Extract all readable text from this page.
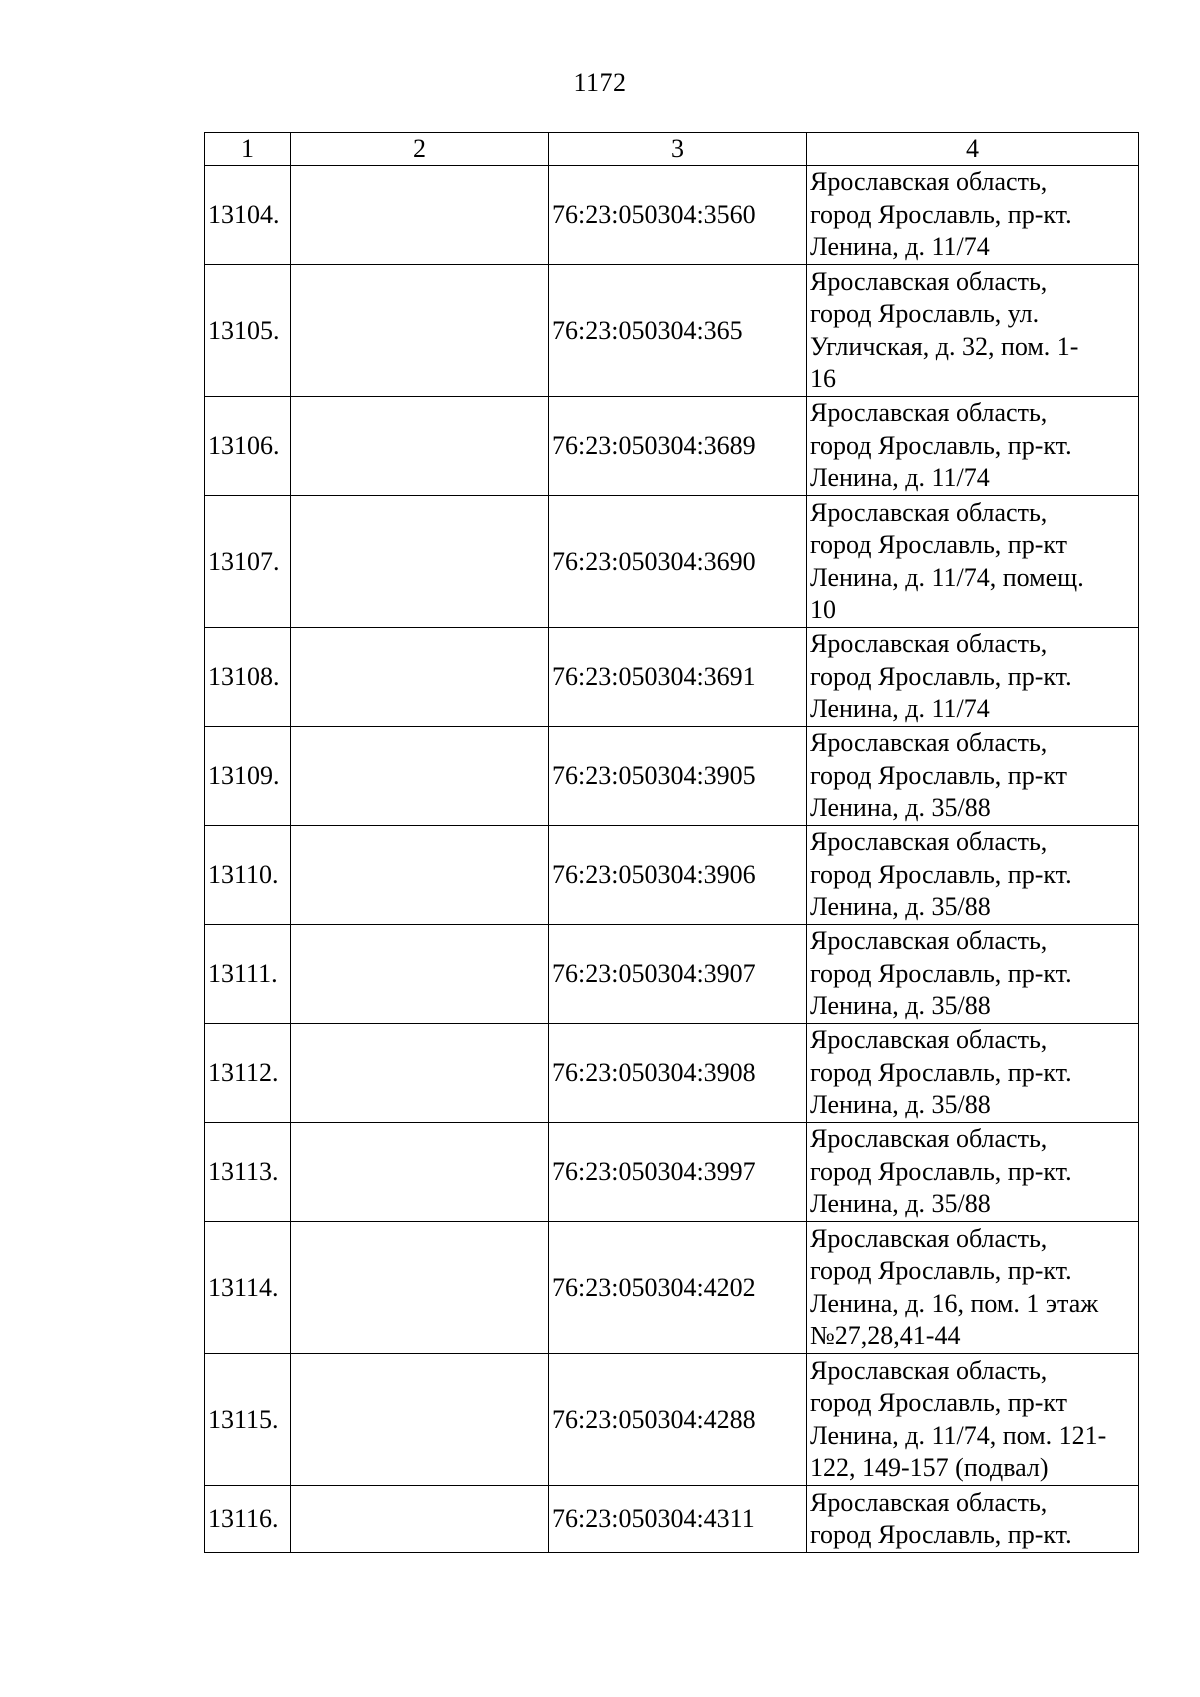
1172
1	2	3	4
13104.		76:23:050304:3560	Ярославская область,
город Ярославль, пр-кт.
Ленина, д. 11/74
13105.		76:23:050304:365	Ярославская область,
город Ярославль, ул.
Угличская, д. 32, пом. 1-
16
13106.		76:23:050304:3689	Ярославская область,
город Ярославль, пр-кт.
Ленина, д. 11/74
13107.		76:23:050304:3690	Ярославская область,
город Ярославль, пр-кт
Ленина, д. 11/74, помещ.
10
13108.		76:23:050304:3691	Ярославская область,
город Ярославль, пр-кт.
Ленина, д. 11/74
13109.		76:23:050304:3905	Ярославская область,
город Ярославль, пр-кт
Ленина, д. 35/88
13110.		76:23:050304:3906	Ярославская область,
город Ярославль, пр-кт.
Ленина, д. 35/88
13111.		76:23:050304:3907	Ярославская область,
город Ярославль, пр-кт.
Ленина, д. 35/88
13112.		76:23:050304:3908	Ярославская область,
город Ярославль, пр-кт.
Ленина, д. 35/88
13113.		76:23:050304:3997	Ярославская область,
город Ярославль, пр-кт.
Ленина, д. 35/88
13114.		76:23:050304:4202	Ярославская область,
город Ярославль, пр-кт.
Ленина, д. 16, пом. 1 этаж
№27,28,41-44
13115.		76:23:050304:4288	Ярославская область,
город Ярославль, пр-кт
Ленина, д. 11/74, пом. 121-
122, 149-157 (подвал)
13116.		76:23:050304:4311	Ярославская область,
город Ярославль, пр-кт.
